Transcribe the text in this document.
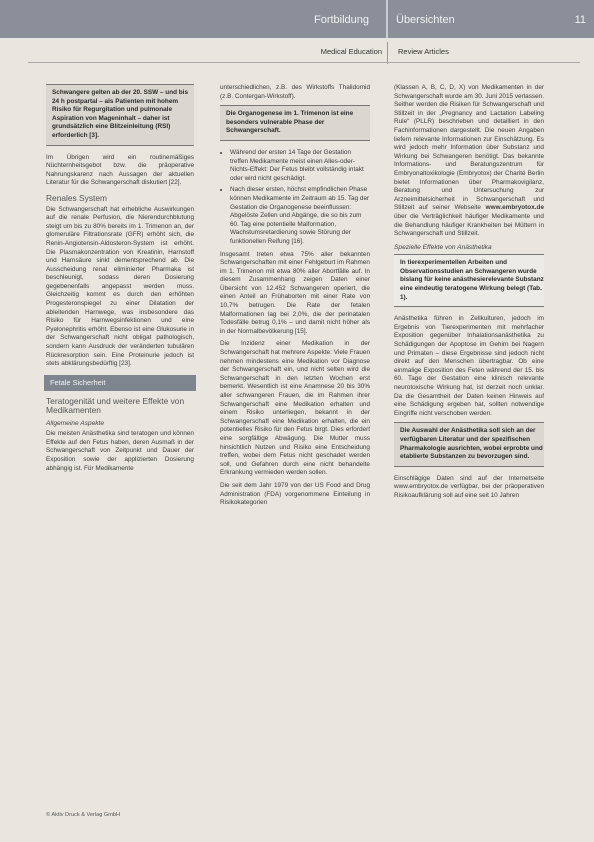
Fortbildung	Übersichten	11
Medical Education Review Articles
Schwangere gelten ab der 20. SSW – und bis 24 h postpartal – als Patienten mit hohem Risiko für Regurgitation und pulmonale Aspiration von Mageninhalt – daher ist grundsätzlich eine Blitzeinleitung (RSI) erforderlich [3].

Im Übrigen wird ein routinemäßiges Nüchternheitsgebot bzw. die präoperative Nahrungskarenz nach Aussagen der aktuellen Literatur für die Schwangerschaft diskutiert [22].

Renales System

Die Schwangerschaft hat erhebliche Auswirkungen auf die renale Perfusion, die Nierendurchblutung steigt um bis zu 80% bereits im 1. Trimenon an, der glomeruläre Filtrationsrate (GFR) erhöht sich, die Renin-Angiotensin-Aldosteron-System ist erhöht. Die Plasmakonzentration von Kreatinin, Harnstoff und Harnsäure sinkt dementsprechend ab. Die Ausscheidung renal eliminierter Pharmaka ist beschleunigt, sodass deren Dosierung gegebenenfalls angepasst werden muss. Gleichzeitig kommt es durch den erhöhten Progesteronspiegel zu einer Dilatation der ableitenden Harnwege, was insbesondere das Risiko für Harnwegsinfektionen und eine Pyelonephritis erhöht. Ebenso ist eine Glukosurie in der Schwangerschaft nicht obligat pathologisch, sondern kann Ausdruck der veränderten tubulären Rückresorption sein. Eine Proteinurie jedoch ist stets abklärungsbedürftig [23].

Fetale Sicherheit
Teratogenität und weitere Effekte von Medikamenten
Allgemeine Aspekte

Die meisten Anästhetika sind teratogen und können Effekte auf den Fetus haben, deren Ausmaß in der Schwangerschaft von Zeitpunkt und Dauer der Exposition sowie der applizierten Dosierung abhängig ist. Für Medikamente

unterschiedlichen, z.B. des Wirkstoffs Thalidomid (z.B. Contergan-Wirkstoff).

Die Organogenese im 1. Trimenon ist eine besonders vulnerable Phase der Schwangerschaft.
• Während der ersten 14 Tage der Gestation treffen Medikamente meist einen Alles-oder-Nichts-Effekt: Der Fetus bleibt vollständig intakt oder wird nicht geschädigt.
• Nach dieser ersten, höchst empfindlichen Phase können Medikamente im Zeitraum ab 15. Tag der Gestation die Organogenese beeinflussen: Abgelöste Zellen und Abgänge, die so bis zum 60. Tag eine potentielle Malformation, Wachstumsretardierung sowie Störung der funktionellen Reifung [16].

Insgesamt treten etwa 75% aller bekannten Schwangerschaften mit einer Fehlgeburt im Rahmen im 1. Trimenon mit etwa 80% aller Abortfälle auf. In diesem Zusammenhang zeigen Daten einer Übersicht von 12.452 Schwangeren operiert, die einen Anteil an Frühaborten mit einer Rate von 10,7% betrugen. Die Rate der fetalen Malformationen lag bei 2,0%, die der perinatalen Todesfälle betrug 0,1% – und damit nicht höher als in der Normalbevölkerung [15].

Die Inzidenz einer Medikation in der Schwangerschaft hat mehrere Aspekte: Viele Frauen nehmen mindestens eine Medikation vor Diagnose der Schwangerschaft ein, und nicht selten wird die Schwangerschaft in den letzten Wochen erst bemerkt. Wesentlich ist eine Anamnese 20 bis 30% aller schwangeren Frauen, die im Rahmen ihrer Schwangerschaft eine Medikation erhalten und einem Risiko unterliegen, bekannt in der Schwangerschaft eine Medikation erhalten, die ein potentielles Risiko für den Fetus birgt. Dies erfordert eine sorgfältige Abwägung. Die Mutter muss hinsichtlich Nutzen und Risiko eine Entscheidung treffen, wobei dem Fetus nicht geschadet werden soll, und Gefahren durch eine nicht behandelte Erkrankung vermieden werden sollen.

Die seit dem Jahr 1979 von der US Food and Drug Administration (FDA) vorgenommene Einteilung in Risikokategorien

(Klassen A, B, C, D, X) von Medikamenten in der Schwangerschaft wurde am 30. Juni 2015 verlassen. Seither werden die Risiken für Schwangerschaft und Stillzeit in der „Pregnancy and Lactation Labeling Rule“ (PLLR) beschrieben und detailliert in den Fachinformationen dargestellt. Die neuen Angaben liefern relevante Informationen zur Einschätzung. Es wird jedoch mehr Information über Substanz und Wirkung bei Schwangeren benötigt. Das bekannte Informations- und Beratungszentrum für Embryonaltoxikologie (Embryotox) der Charité Berlin bietet Informationen über Pharmakovigilanz, Beratung und Untersuchung zur Arzneimittelsicherheit in Schwangerschaft und Stillzeit auf seiner Webseite www.embryotox.de über die Verträglichkeit häufiger Medikamente und die Behandlung häufiger Krankheiten bei Müttern in Schwangerschaft und Stillzeit.

Spezielle Effekte von Anästhetika
In tierexperimentellen Arbeiten und Observationsstudien an Schwangeren wurde bislang für keine anästhesierelevante Substanz eine eindeutig teratogene Wirkung belegt (Tab. 1).

Anästhetika führen in Zellkulturen, jedoch im Ergebnis von Tierexperimenten mit mehrfacher Exposition gegenüber Inhalationsanästhetika zu Schädigungen der Apoptose im Gehirn bei Nagern und Primaten – diese Ergebnisse sind jedoch nicht direkt auf den Menschen übertragbar. Ob eine einmalige Exposition des Feten während der 15. bis 60. Tage der Gestation eine klinisch relevante neurotoxische Wirkung hat, ist derzeit noch unklar. Da die Gesamtheit der Daten keinen Hinweis auf eine Schädigung ergeben hat, sollten notwendige Eingriffe nicht verschoben werden.

Die Auswahl der Anästhetika soll sich an der verfügbaren Literatur und der spezifischen Pharmakologie ausrichten, wobei erprobte und etablierte Substanzen zu bevorzugen sind.

Einschlägige Daten sind auf der Internetseite www.embryotox.de verfügbar, bei der präoperativen Risikoaufklärung soll auf eine seit 10 Jahren

© Aktiv Druck & Verlag GmbH
